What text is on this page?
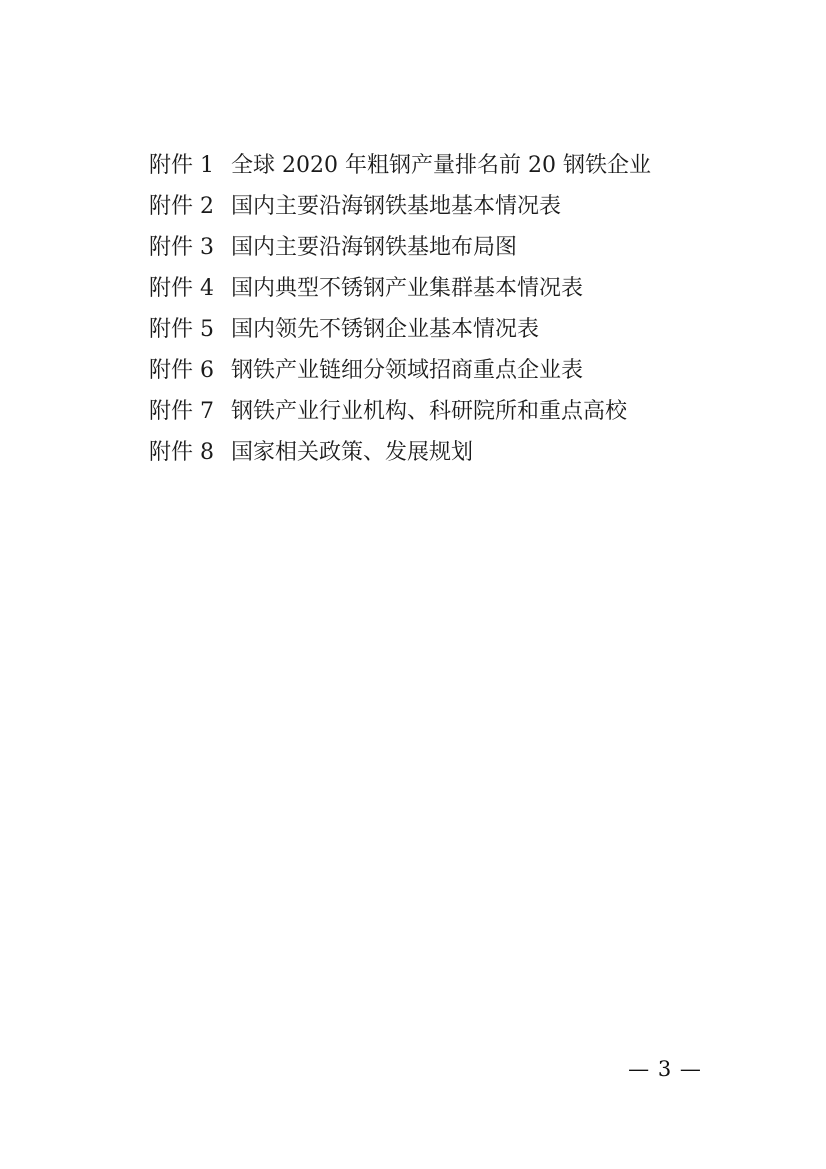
附件 1 全球 2020 年粗钢产量排名前 20 钢铁企业
附件 2 国内主要沿海钢铁基地基本情况表
附件 3 国内主要沿海钢铁基地布局图
附件 4 国内典型不锈钢产业集群基本情况表
附件 5 国内领先不锈钢企业基本情况表
附件 6 钢铁产业链细分领域招商重点企业表
附件 7 钢铁产业行业机构、科研院所和重点高校
附件 8 国家相关政策、发展规划
— 3 —
